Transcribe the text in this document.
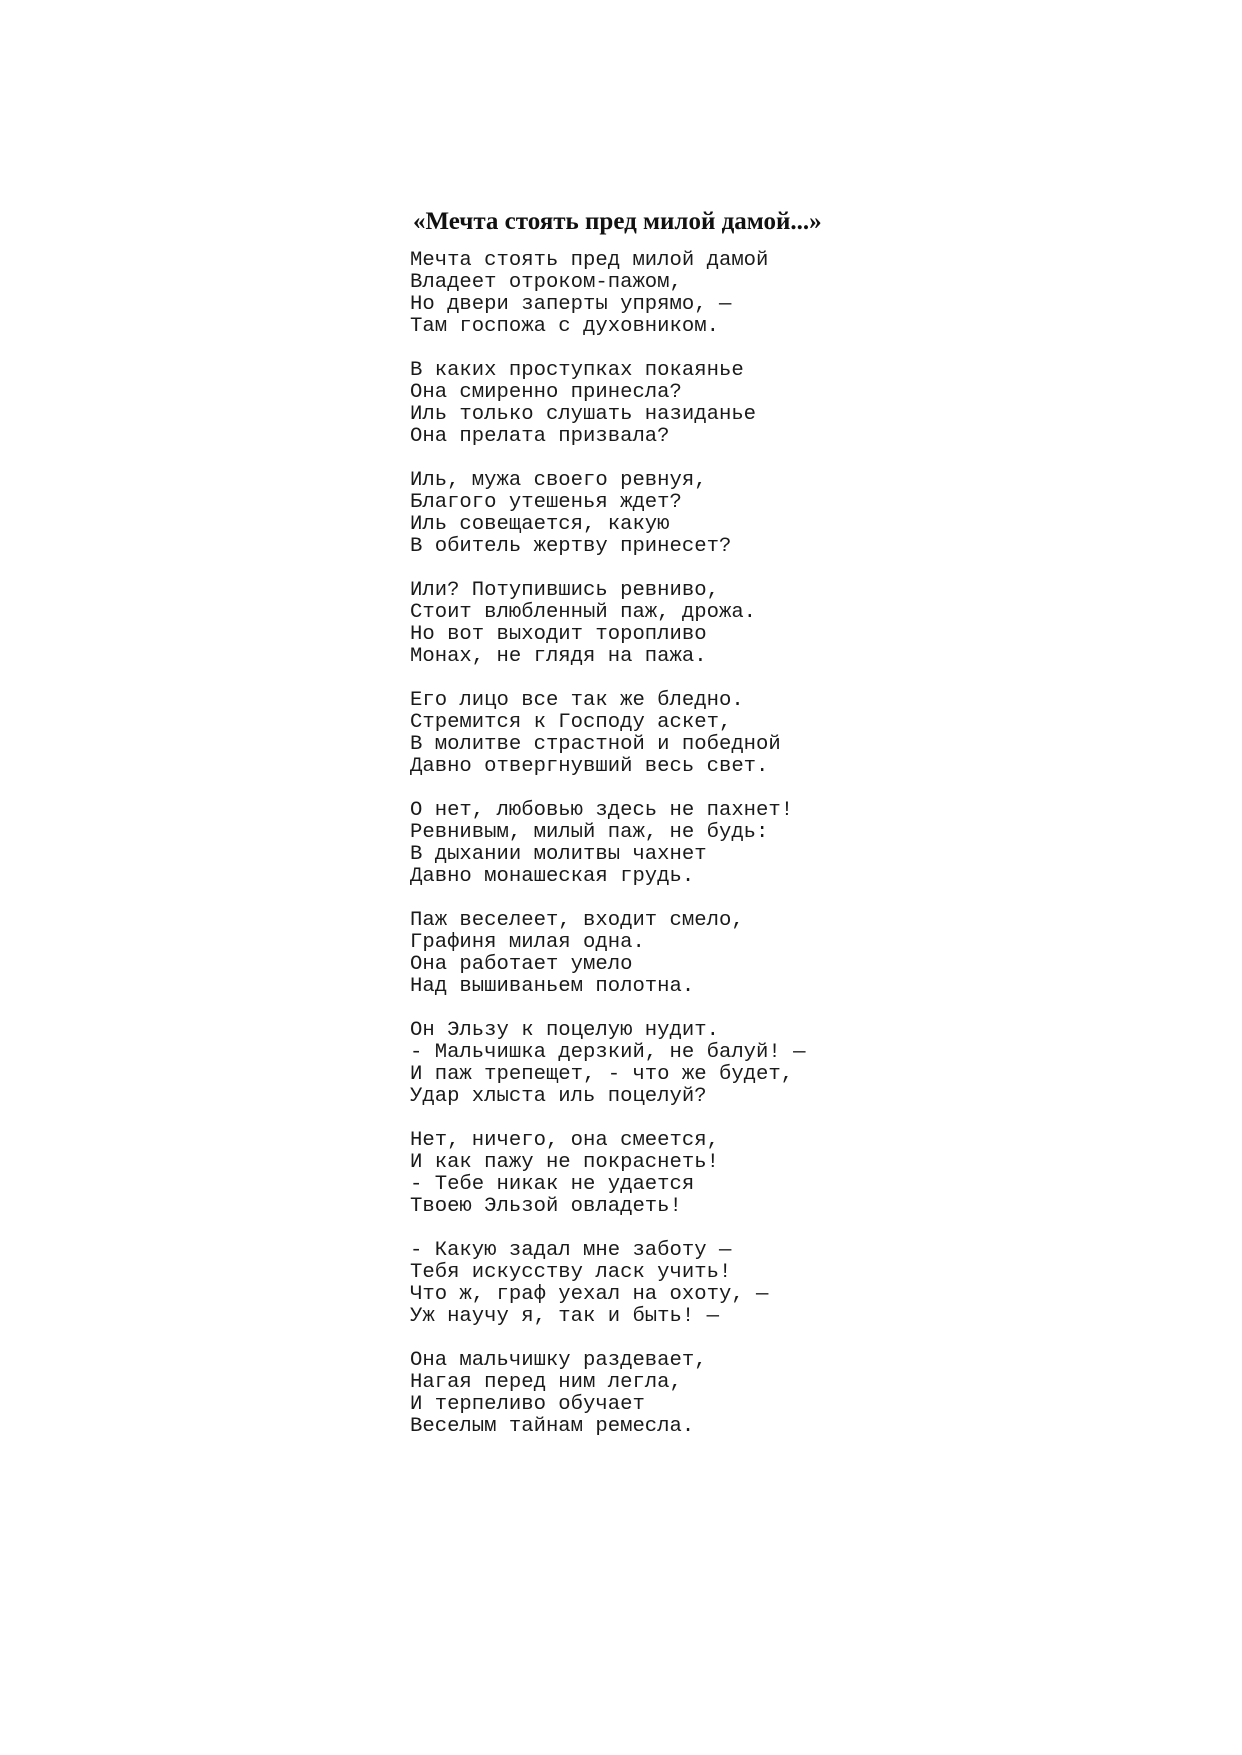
«Мечта стоять пред милой дамой...»
Мечта стоять пред милой дамой
Владеет отроком-пажом,
Но двери заперты упрямо, —
Там госпожа с духовником.
В каких проступках покаянье
Она смиренно принесла?
Иль только слушать назиданье
Она прелата призвала?
Иль, мужа своего ревнуя,
Благого утешенья ждет?
Иль совещается, какую
В обитель жертву принесет?
Или? Потупившись ревниво,
Стоит влюбленный паж, дрожа.
Но вот выходит торопливо
Монах, не глядя на пажа.
Его лицо все так же бледно.
Стремится к Господу аскет,
В молитве страстной и победной
Давно отвергнувший весь свет.
О нет, любовью здесь не пахнет!
Ревнивым, милый паж, не будь:
В дыхании молитвы чахнет
Давно монашеская грудь.
Паж веселеет, входит смело,
Графиня милая одна.
Она работает умело
Над вышиваньем полотна.
Он Эльзу к поцелую нудит.
- Мальчишка дерзкий, не балуй! —
И паж трепещет, - что же будет,
Удар хлыста иль поцелуй?
Нет, ничего, она смеется,
И как пажу не покраснеть!
- Тебе никак не удается
Твоею Эльзой овладеть!
- Какую задал мне заботу —
Тебя искусству ласк учить!
Что ж, граф уехал на охоту, —
Уж научу я, так и быть! —
Она мальчишку раздевает,
Нагая перед ним легла,
И терпеливо обучает
Веселым тайнам ремесла.
